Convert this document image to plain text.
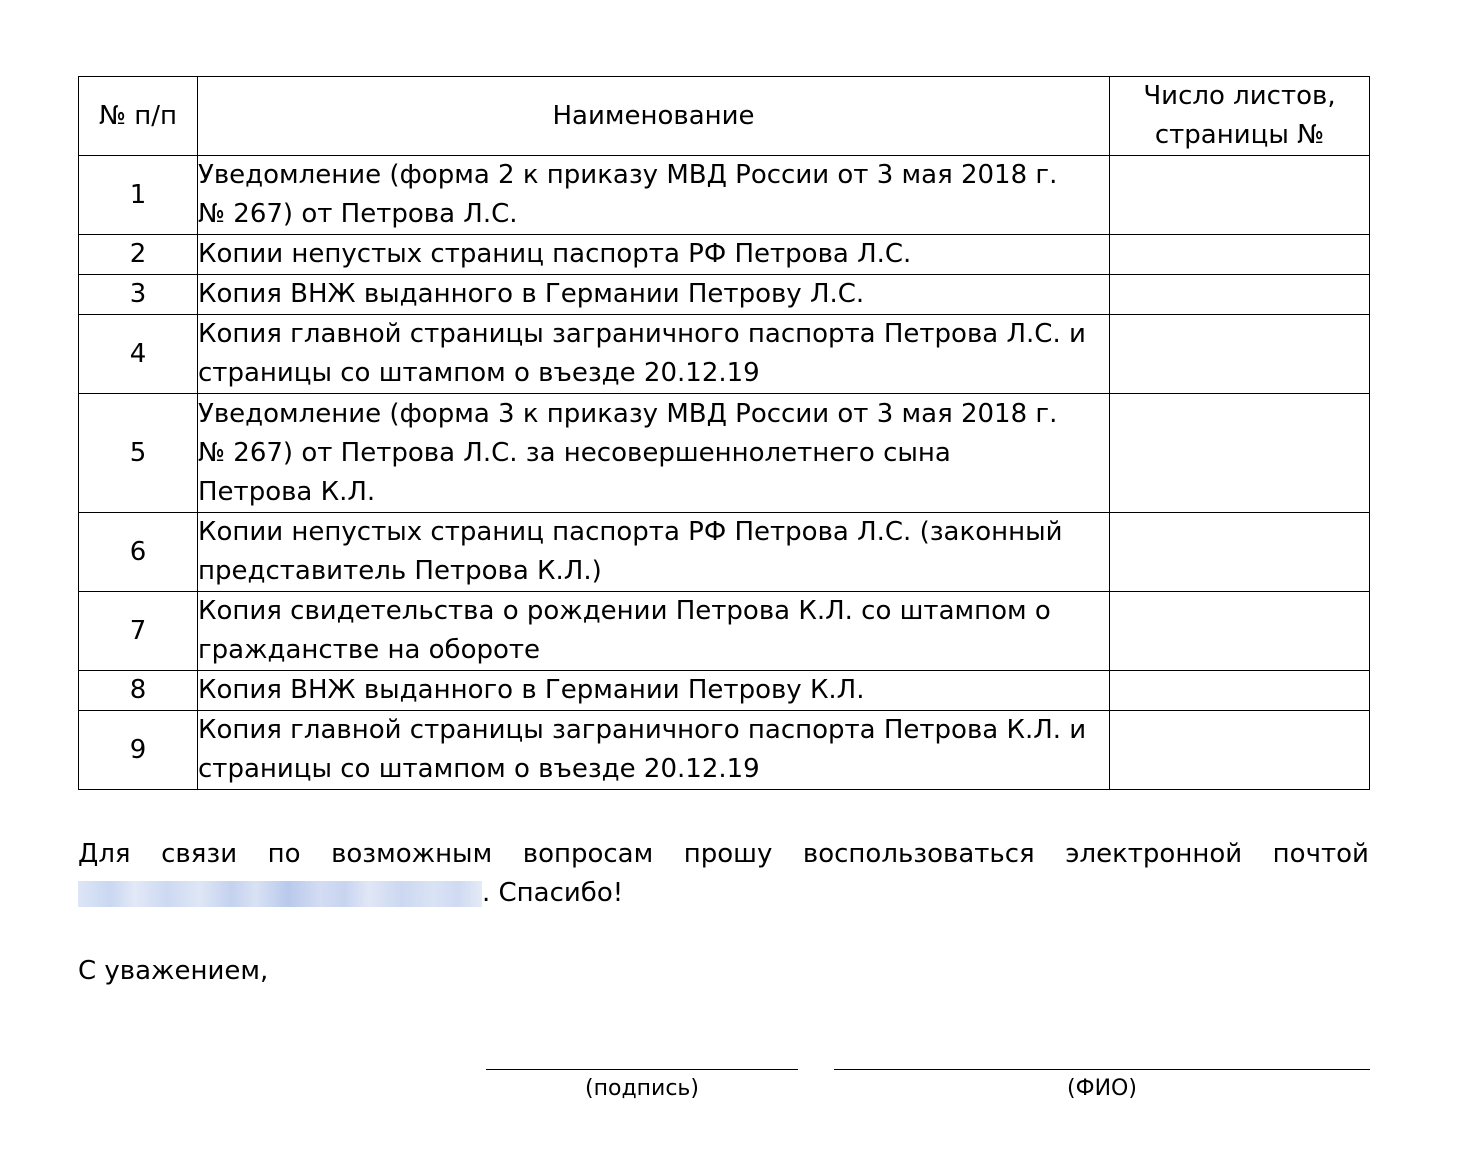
№ п/п	Наименование	Число листов,
страницы №

1	Уведомление (форма 2 к приказу МВД России от 3 мая 2018 г.
№ 267) от Петрова Л.С.	

2	Копии непустых страниц паспорта РФ Петрова Л.С.	

3	Копия ВНЖ выданного в Германии Петрову Л.С.	

4	Копия главной страницы заграничного паспорта Петрова Л.С. и
страницы со штампом о въезде 20.12.19	

5	Уведомление (форма 3 к приказу МВД России от 3 мая 2018 г.
№ 267) от Петрова Л.С. за несовершеннолетнего сына
Петрова К.Л.	

6	Копии непустых страниц паспорта РФ Петрова Л.С. (законный
представитель Петрова К.Л.)	

7	Копия свидетельства о рождении Петрова К.Л. со штампом о
гражданстве на обороте	

8	Копия ВНЖ выданного в Германии Петрову К.Л.	

9	Копия главной страницы заграничного паспорта Петрова К.Л. и
страницы со штампом о въезде 20.12.19	

Для связи по возможным вопросам прошу воспользоваться электронной почтой
. Спасибо!
С уважением,
(подпись)	(ФИО)
